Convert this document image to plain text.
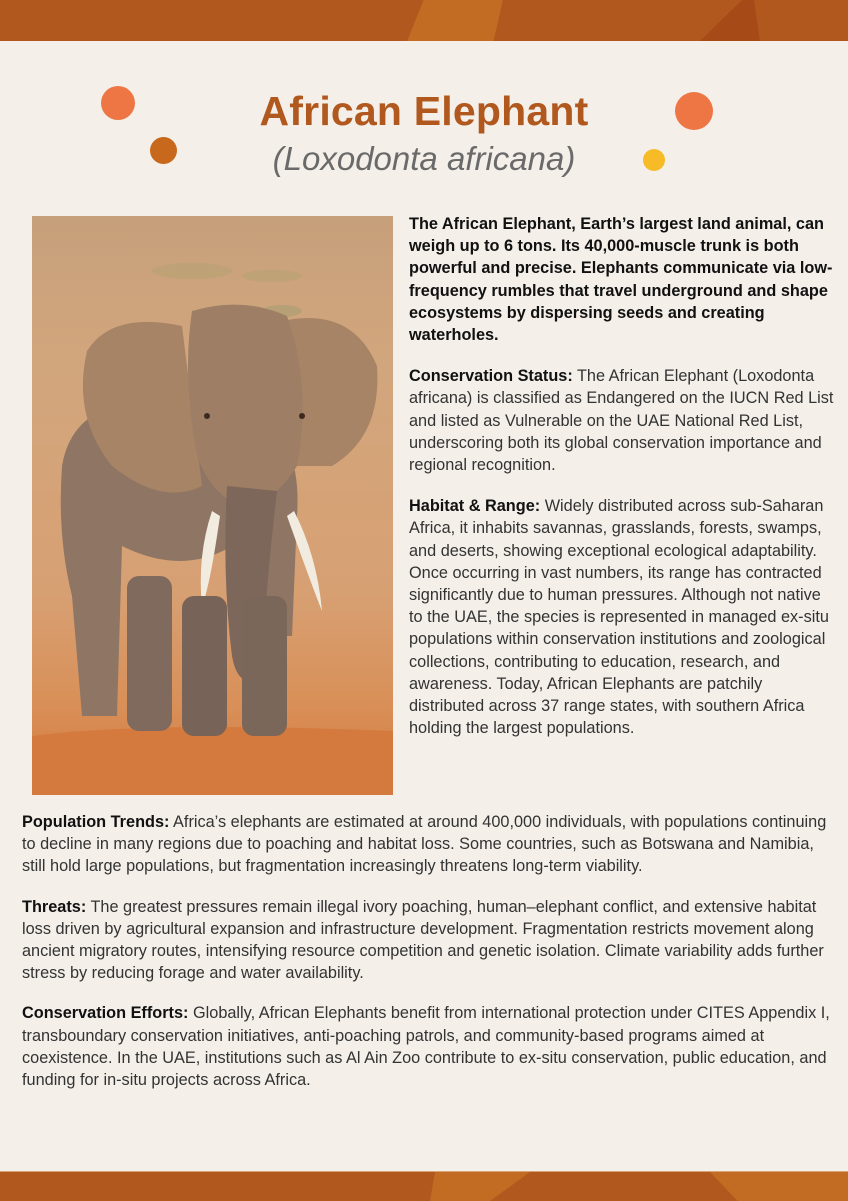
African Elephant
(Loxodonta africana)

The African Elephant, Earth’s largest land animal, can weigh up to 6 tons. Its 40,000-muscle trunk is both powerful and precise. Elephants communicate via low-frequency rumbles that travel underground and shape ecosystems by dispersing seeds and creating waterholes.

Conservation Status: The African Elephant (Loxodonta africana) is classified as Endangered on the IUCN Red List and listed as Vulnerable on the UAE National Red List, underscoring both its global conservation importance and regional recognition.

Habitat & Range: Widely distributed across sub-Saharan Africa, it inhabits savannas, grasslands, forests, swamps, and deserts, showing exceptional ecological adaptability. Once occurring in vast numbers, its range has contracted significantly due to human pressures. Although not native to the UAE, the species is represented in managed ex-situ populations within conservation institutions and zoological collections, contributing to education, research, and awareness. Today, African Elephants are patchily distributed across 37 range states, with southern Africa holding the largest populations.

Population Trends: Africa’s elephants are estimated at around 400,000 individuals, with populations continuing to decline in many regions due to poaching and habitat loss. Some countries, such as Botswana and Namibia, still hold large populations, but fragmentation increasingly threatens long-term viability.

Threats: The greatest pressures remain illegal ivory poaching, human–elephant conflict, and extensive habitat loss driven by agricultural expansion and infrastructure development. Fragmentation restricts movement along ancient migratory routes, intensifying resource competition and genetic isolation. Climate variability adds further stress by reducing forage and water availability.

Conservation Efforts: Globally, African Elephants benefit from international protection under CITES Appendix I, transboundary conservation initiatives, anti-poaching patrols, and community-based programs aimed at coexistence. In the UAE, institutions such as Al Ain Zoo contribute to ex-situ conservation, public education, and funding for in-situ projects across Africa.
